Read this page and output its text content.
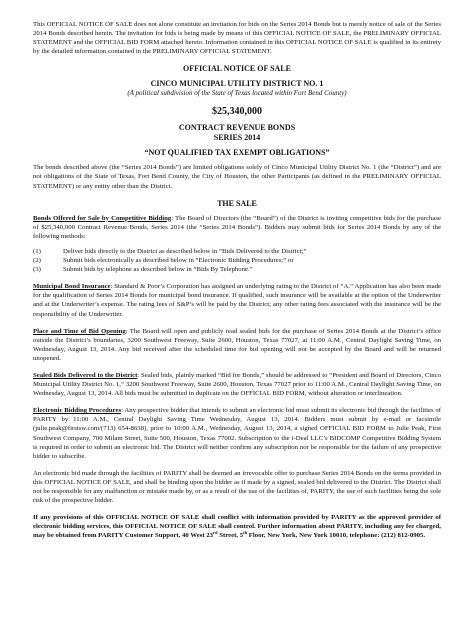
This OFFICIAL NOTICE OF SALE does not alone constitute an invitation for bids on the Series 2014 Bonds but is merely notice of sale of the Series 2014 Bonds described herein. The invitation for bids is being made by means of this OFFICIAL NOTICE OF SALE, the PRELIMINARY OFFICIAL STATEMENT and the OFFICIAL BID FORM attached hereto. Information contained in this OFFICIAL NOTICE OF SALE is qualified in its entirety by the detailed information contained in the PRELIMINARY OFFICIAL STATEMENT.

OFFICIAL NOTICE OF SALE
CINCO MUNICIPAL UTILITY DISTRICT NO. 1
(A political subdivision of the State of Texas located within Fort Bend County)
$25,340,000
CONTRACT REVENUE BONDS
SERIES 2014
“NOT QUALIFIED TAX EXEMPT OBLIGATIONS”

The bonds described above (the “Series 2014 Bonds”) are limited obligations solely of Cinco Municipal Utility District No. 1 (the “District”) and are not obligations of the State of Texas, Fort Bend County, the City of Houston, the other Participants (as defined in the PRELIMINARY OFFICIAL STATEMENT) or any entity other than the District.

THE SALE

Bonds Offered for Sale by Competitive Bidding: The Board of Directors (the “Board”) of the District is inviting competitive bids for the purchase of $25,340,000 Contract Revenue Bonds, Series 2014 (the “Series 2014 Bonds”). Bidders may submit bids for Series 2014 Bonds by any of the following methods:

(1)	Deliver bids directly to the District as described below in “Bids Delivered to the District;”
(2)	Submit bids electronically as described below in “Electronic Bidding Procedures;” or
(3)	Submit bids by telephone as described below in “Bids By Telephone.”

Municipal Bond Insurance: Standard & Poor’s Corporation has assigned an underlying rating to the District of “A.” Application has also been made for the qualification of Series 2014 Bonds for municipal bond insurance. If qualified, such insurance will be available at the option of the Underwriter and at the Underwriter’s expense. The rating fees of S&P’s will be paid by the District; any other rating fees associated with the insurance will be the responsibility of the Underwriter.

Place and Time of Bid Opening: The Board will open and publicly read sealed bids for the purchase of Series 2014 Bonds at the District’s office outside the District’s boundaries, 3200 Southwest Freeway, Suite 2600, Houston, Texas 77027, at 11:00 A.M., Central Daylight Saving Time, on Wednesday, August 13, 2014. Any bid received after the scheduled time for bid opening will not be accepted by the Board and will be returned unopened.

Sealed Bids Delivered to the District: Sealed bids, plainly marked “Bid for Bonds,” should be addressed to “President and Board of Directors, Cinco Municipal Utility District No. 1,” 3200 Southwest Freeway, Suite 2600, Houston, Texas 77027 prior to 11:00 A.M., Central Daylight Saving Time, on Wednesday, August 13, 2014. All bids must be submitted in duplicate on the OFFICIAL BID FORM, without alteration or interlineation.

Electronic Bidding Procedures: Any prospective bidder that intends to submit an electronic bid must submit its electronic bid through the facilities of PARITY by 11:00 A.M., Central Daylight Saving Time Wednesday, August 13, 2014. Bidders must submit by e-mail or facsimile (julie.peak@firstsw.com/(713) 654-8638), prior to 10:00 A.M., Wednesday, August 13, 2014, a signed OFFICIAL BID FORM to Julie Peak, First Southwest Company, 700 Milam Street, Suite 500, Houston, Texas 77002. Subscription to the i-Deal LLC’s BIDCOMP Competitive Bidding System is required in order to submit an electronic bid. The District will neither confirm any subscription nor be responsible for the failure of any prospective bidder to subscribe.

An electronic bid made through the facilities of PARITY shall be deemed an irrevocable offer to purchase Series 2014 Bonds on the terms provided in this OFFICIAL NOTICE OF SALE, and shall be binding upon the bidder as if made by a signed, sealed bid delivered to the District. The District shall not be responsible for any malfunction or mistake made by, or as a result of the use of the facilities of, PARITY, the use of such facilities being the sole risk of the prospective bidder.

If any provisions of this OFFICIAL NOTICE OF SALE shall conflict with information provided by PARITY as the approved provider of electronic bidding services, this OFFICIAL NOTICE OF SALE shall control. Further information about PARITY, including any fee charged, may be obtained from PARITY Customer Support, 40 West 23rd Street, 5th Floor, New York, New York 10010, telephone: (212) 812-0905.
